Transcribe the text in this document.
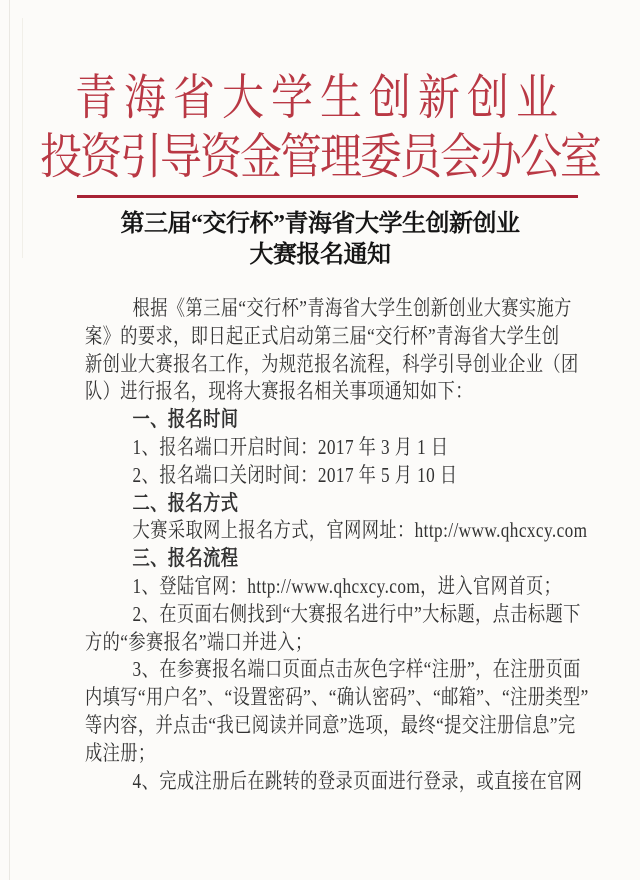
青海省大学生创新创业
投资引导资金管理委员会办公室
第三届“交行杯”青海省大学生创新创业
大赛报名通知
根据《第三届“交行杯”青海省大学生创新创业大赛实施方
案》的要求，即日起正式启动第三届“交行杯”青海省大学生创
新创业大赛报名工作，为规范报名流程，科学引导创业企业（团
队）进行报名，现将大赛报名相关事项通知如下：
一、报名时间
1、报名端口开启时间：2017 年 3 月 1 日
2、报名端口关闭时间：2017 年 5 月 10 日
二、报名方式
大赛采取网上报名方式，官网网址：http://www.qhcxcy.com
三、报名流程
1、登陆官网：http://www.qhcxcy.com，进入官网首页；
2、在页面右侧找到“大赛报名进行中”大标题，点击标题下
方的“参赛报名”端口并进入；
3、在参赛报名端口页面点击灰色字样“注册”，在注册页面
内填写“用户名”、“设置密码”、“确认密码”、“邮箱”、“注册类型”
等内容，并点击“我已阅读并同意”选项，最终“提交注册信息”完
成注册；
4、完成注册后在跳转的登录页面进行登录，或直接在官网
